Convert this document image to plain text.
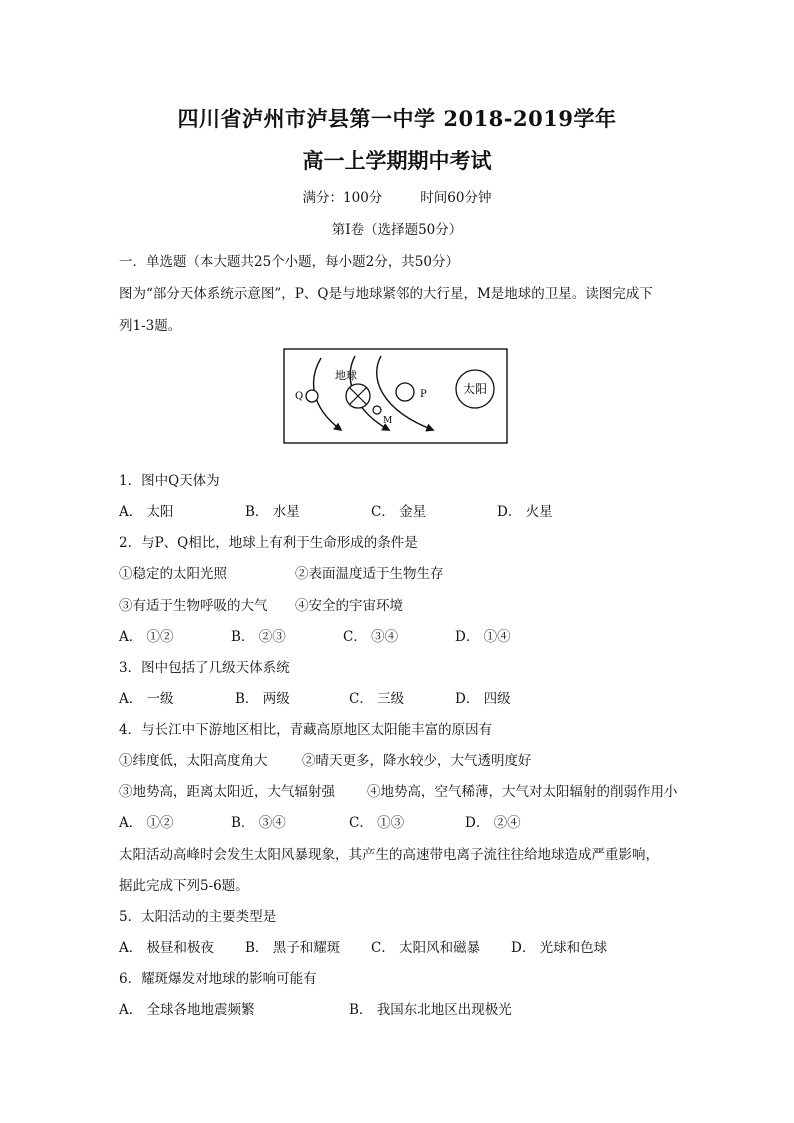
四川省泸州市泸县第一中学 2018-2019学年
高一上学期期中考试
满分：100分	时间60分钟
第Ⅰ卷（选择题50分）
一．单选题（本大题共25个小题，每小题2分，共50分）
图为“部分天体系统示意图”，P、Q是与地球紧邻的大行星，M是地球的卫星。读图完成下
列1-3题。
Q
地球
M
P	太阳
1．图中Q天体为
A． 太阳	B． 水星	C． 金星	D． 火星
2．与P、Q相比，地球上有利于生命形成的条件是
①稳定的太阳光照	②表面温度适于生物生存
③有适于生物呼吸的大气 ④安全的宇宙环境
A． ①②	B． ②③	C． ③④	D． ①④
3．图中包括了几级天体系统
A． 一级	B． 两级	C． 三级	D． 四级
4．与长江中下游地区相比，青藏高原地区太阳能丰富的原因有
①纬度低，太阳高度角大	②晴天更多，降水较少，大气透明度好
③地势高，距离太阳近，大气辐射强 ④地势高，空气稀薄，大气对太阳辐射的削弱作用小
A． ①②	B． ③④	C． ①③	D． ②④
太阳活动高峰时会发生太阳风暴现象，其产生的高速带电离子流往往给地球造成严重影响，
据此完成下列5-6题。
5．太阳活动的主要类型是
A． 极昼和极夜 B． 黑子和耀斑 C． 太阳风和磁暴 D． 光球和色球
6．耀斑爆发对地球的影响可能有
A． 全球各地地震频繁	B． 我国东北地区出现极光
